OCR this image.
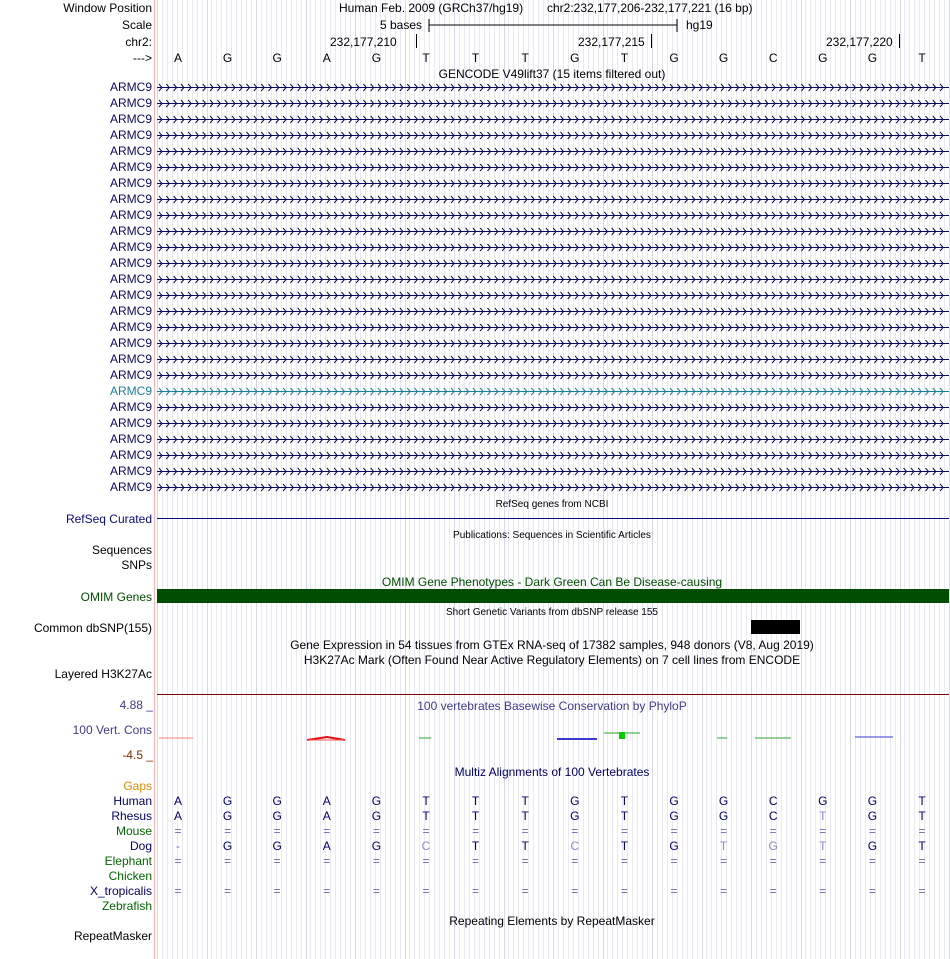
Window Position	Human Feb. 2009 (GRCh37/hg19) chr2:232,177,206-232,177,221 (16 bp)
Scale	5 bases	hg19
chr2:	232,177,210	232,177,215	232,177,220
--->	A	G	G	A	G	T	T	T	G	T	G	G	C	G	G	T
GENCODE V49lift37 (15 items filtered out)
ARMC9
ARMC9
ARMC9
ARMC9
ARMC9
ARMC9
ARMC9
ARMC9
ARMC9
ARMC9
ARMC9
ARMC9
ARMC9
ARMC9
ARMC9
ARMC9
ARMC9
ARMC9
ARMC9
ARMC9
ARMC9
ARMC9
ARMC9
ARMC9
ARMC9
ARMC9
RefSeq genes from NCBI
RefSeq Curated
Publications: Sequences in Scientific Articles
Sequences
SNPs
OMIM Gene Phenotypes - Dark Green Can Be Disease-causing
OMIM Genes
Short Genetic Variants from dbSNP release 155
Common dbSNP(155)
Gene Expression in 54 tissues from GTEx RNA-seq of 17382 samples, 948 donors (V8, Aug 2019)
H3K27Ac Mark (Often Found Near Active Regulatory Elements) on 7 cell lines from ENCODE
Layered H3K27Ac
100 vertebrates Basewise Conservation by PhyloP
4.88 _
100 Vert. Cons
-4.5 _
Multiz Alignments of 100 Vertebrates
Gaps
Human	A	G	G	A	G	T	T	T	G	T	G	G	C	G	G	T
Rhesus	A	G	G	A	G	T	T	T	G	T	G	G	C	T	G	T
Mouse	=	=	=	=	=	=	=	=	=	=	=	=	=	=	=	=
Dog	-	G	G	A	G	C	T	T	C	T	G	T	G	T	G	T
Elephant	=	=	=	=	=	=	=	=	=	=	=	=	=	=	=	=
Chicken
X_tropicalis	=	=	=	=	=	=	=	=	=	=	=	=	=	=	=	=
Zebrafish
Repeating Elements by RepeatMasker
RepeatMasker
